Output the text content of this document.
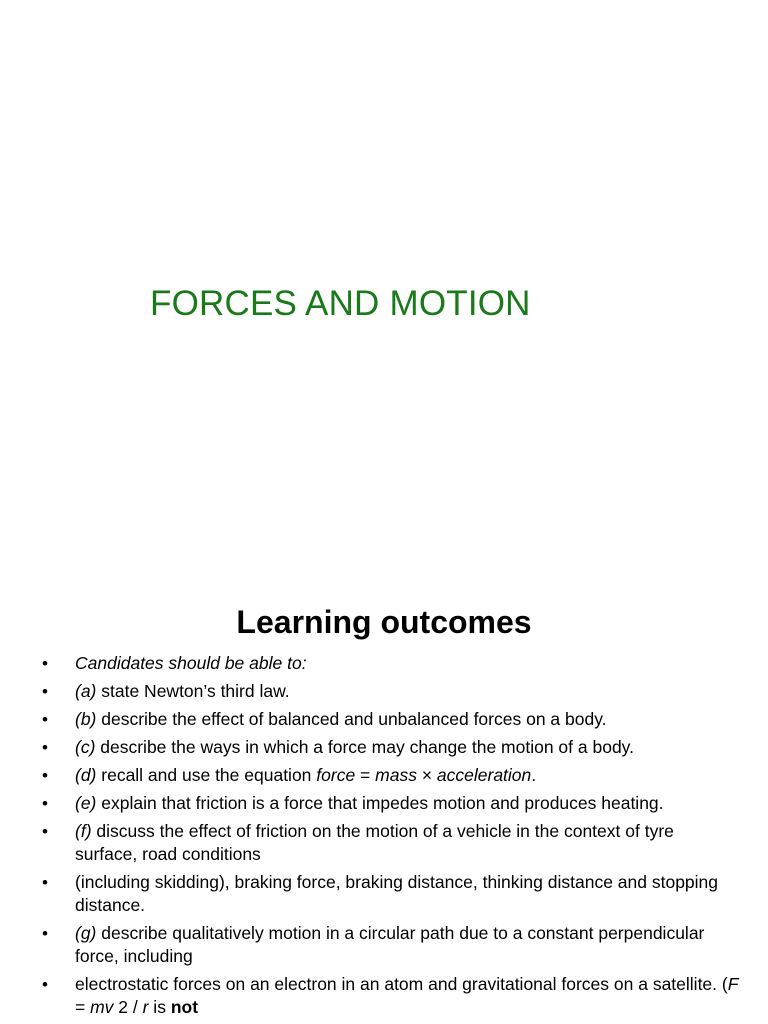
FORCES AND MOTION
Learning outcomes
• Candidates should be able to:
• (a) state Newton’s third law.
• (b) describe the effect of balanced and unbalanced forces on a body.
• (c) describe the ways in which a force may change the motion of a body.
• (d) recall and use the equation force = mass × acceleration.
• (e) explain that friction is a force that impedes motion and produces heating.
• (f) discuss the effect of friction on the motion of a vehicle in the context of tyre surface, road conditions
• (including skidding), braking force, braking distance, thinking distance and stopping distance.
• (g) describe qualitatively motion in a circular path due to a constant perpendicular force, including
• electrostatic forces on an electron in an atom and gravitational forces on a satellite. (F = mv 2 / r is not
